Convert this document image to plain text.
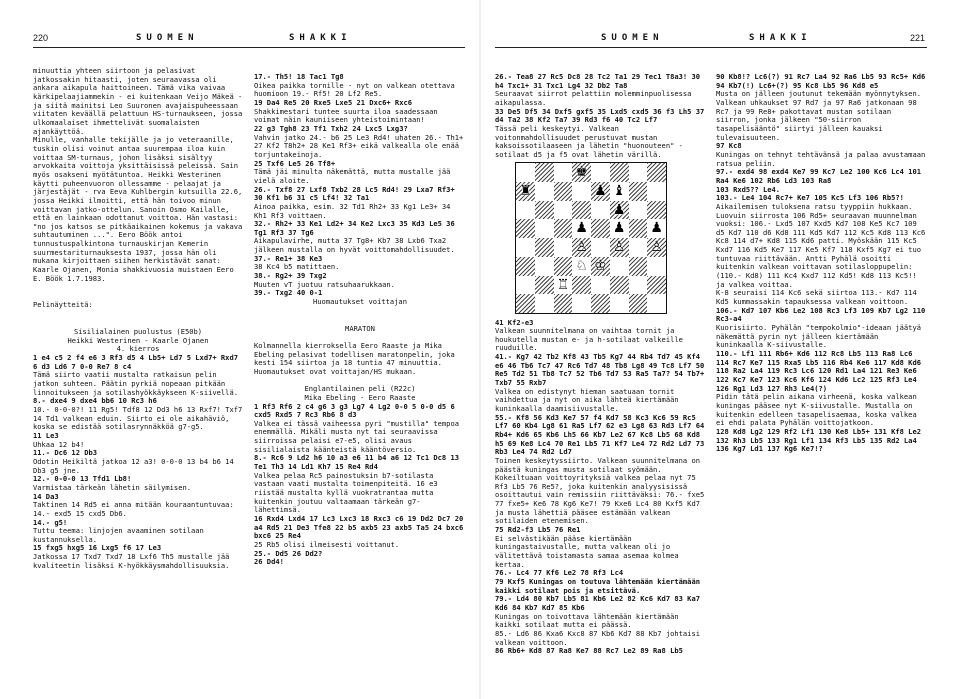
220	SUOMEN	SHAKKI

minuuttia yhteen siirtoon ja pelasivat jatkossakin hitaasti, joten seuraavassa oli ankara aikapula haittoineen. Tämä vika vaivaa kärkipelaajiammekin - ei kuitenkaan Veijo Mäkeä - ja siitä mainitsi Leo Suuronen avajaispuheessaan viitaten keväällä pelattuun HS-turnaukseen, jossa ulkomaalaiset ihmettelivät suomalaisten ajankäyttöä.

Minulle, vanhalle tekijälle ja jo veteraanille, tuskin olisi voinut antaa suurempaa iloa kuin voittaa SM-turnaus, johon lisäksi sisältyy arvokkaita voittoja yksittäisissä peleissä. Sain myös osakseni myötätuntoa. Heikki Westerinen käytti puheenvuoron ollessamme - pelaajat ja järjestäjät - rva Eeva Kuhlbergin kutsuilla 22.6, jossa Heikki ilmoitti, että hän toivoo minun voittavan jatko-ottelun. Sanoin Osmo Kailalle, että en lainkaan odottanut voittoa. Hän vastasi: "no jos katsos se pitkäaikainen kokemus ja vakava suhtautuminen ...". Eero Böök antoi tunnustuspalkintona turnauskirjan Kemerin suurmestariturnauksesta 1937, jossa hän oli mukana kirjoittaen siihen herkistävät sanat: Kaarle Ojanen, Monia shakkivuosia muistaen Eero E. Böök 1.7.1983.

Pelinäytteitä:

Sisilialainen puolustus (E50b)

Heikki Westerinen - Kaarle Ojanen

4. kierros

1 e4 c5 2 f4 e6 3 Rf3 d5 4 Lb5+ Ld7 5 Lxd7+ Rxd7 6 d3 Ld6 7 0-0 Re7 8 c4

Tämä siirto vaatii mustalta ratkaisun pelin jatkon suhteen. Päätin pyrkiä nopeaan pitkään linnoitukseen ja sotilashyökkäykseen K-siivellä.

8.- dxe4 9 dxe4 bb6 10 Rc3 h6

10.- 0-0-0?! 11 Rg5! Tdf8 12 Dd3 h6 13 Rxf7! Txf7 14 Td1 valkean eduin. Siirto ei ole aikahäviö, koska se edistää sotilasrynnäkköä g7-g5.

11 Le3

Uhkaa 12 b4!

11.- Dc6 12 Db3

Odotin Heikiltä jatkoa 12 a3! 0-0-0 13 b4 b6 14 Db3 g5 jne.

12.- 0-0-0 13 Tfd1 Lb8!

Varmistaa tärkeän lähetin säilymisen.

14 Da3

Taktinen 14 Rd5 ei anna mitään kouraantuntuvaa: 14.- exd5 15 cxd5 Db6.

14.- g5!

Tuttu teema: linjojen avaaminen sotilaan kustannuksella.

15 fxg5 hxg5 16 Lxg5 f6 17 Le3

Jatkossa 17 Txd7 Txd7 18 Lxf6 Th5 mustalle jää kvaliteetin lisäksi K-hyökkäysmahdollisuuksia.

17.- Th5! 18 Tac1 Tg8

Oikea paikka tornille - nyt on valkean otettava huomioon 19.- Rf5! 20 Lf2 Re5.

19 Da4 Re5 20 Rxe5 Lxe5 21 Dxc6+ Rxc6

Shakkimestari tuntee suurta iloa saadessaan voimat näin kauniiseen yhteistoimintaan!

22 g3 Tgh8 23 Tf1 Txh2 24 Lxc5 Lxg3?

Vahvin jatko 24.- b6 25 Le3 Rd4! uhaten 26.- Th1+ 27 Kf2 T8h2+ 28 Ke1 Rf3+ eikä valkealla ole enää torjuntakeinoja.

25 Txf6 Le5 26 Tf8+

Tämä jäi minulta näkemättä, mutta mustalle jää vielä aloite.

26.- Txf8 27 Lxf8 Txb2 28 Lc5 Rd4! 29 Lxa7 Rf3+ 30 Kf1 b6 31 c5 Lf4! 32 Ta1

Ainoa paikka, esim. 32 Td1 Rh2+ 33 Kg1 Le3+ 34 Kh1 Rf3 voittaen.

32.- Rh2+ 33 Ke1 Ld2+ 34 Ke2 Lxc3 35 Kd3 Le5 36 Tg1 Rf3 37 Tg6

Aikapulavirhe, mutta 37 Tg8+ Kb7 38 Lxb6 Txa2 jälkeen mustalla on hyvät voittomahdollisuudet.

37.- Re1+ 38 Ke3

38 Kc4 b5 matittaen.

38.- Rg2+ 39 Txg2

Muuten vT juotuu ratsuhaarukkaan.

39.- Txg2 40 0-1

Huomautukset voittajan

MARATON

Kolmannella kierroksella Eero Raaste ja Mika Ebeling pelasivat todellisen maratonpelin, joka kesti 154 siirtoa ja 18 tuntia 47 minuuttia. Huomautukset ovat voittajan/HS mukaan.

Englantilainen peli (R22c)

Mika Ebeling - Eero Raaste

1 Rf3 Rf6 2 c4 g6 3 g3 Lg7 4 Lg2 0-0 5 0-0 d5 6 cxd5 Rxd5 7 Rc3 Rb6 8 d3

Valkea ei tässä vaiheessa pyri "mustilla" tempoa enemmällä. Mikäli musta nyt tai seuraavissa siirroissa pelaisi e7-e5, olisi avaus sisilialaista käänteistä kääntöversio.

8.- Rc6 9 Ld2 h6 10 a3 e6 11 b4 a6 12 Tc1 Dc8 13 Te1 Th3 14 Ld1 Kh7 15 Re4 Rd4

Valkea pelaa Rc5 painostuksin b7-sotilasta vastaan vaati mustalta toimenpiteitä. 16 e3 riistää mustalta kyllä vuokratrantaa mutta kuitenkin joutuu valtaamaan tärkeän g7-lähettimsä.

16 Rxd4 Lxd4 17 Lc3 Lxc3 18 Rxc3 c6 19 Dd2 Dc7 20 a4 Rd5 21 De3 Tfe8 22 b5 axb5 23 axb5 Ta5 24 bxc6 bxc6 25 Re4

25 Rb5 olisi ilmeisesti voittanut.

25.- Dd5 26 Dd2?

26 Dd4!

SUOMEN	SHAKKI	221

26.- Tea8 27 Rc5 Dc8 28 Tc2 Ta1 29 Tec1 T8a3! 30 h4 Txc1+ 31 Txc1 Lg4 32 Db2 Ta8

Seuraavat siirrot pelattiin molemminpuolisessa aikapulassa.

33 De5 Df5 34 Dxf5 gxf5 35 Lxd5 cxd5 36 f3 Lh5 37 d4 Ta2 38 Kf2 Ta7 39 Rd3 f6 40 Tc2 Lf7

Tässä peli keskeytyi. Valkean voitonmahdollisuudet perustuvat mustan kaksoissotilaaseen ja lähetin "huonouteen" - sotilaat d5 ja f5 ovat lähetin värillä.

♚
♟
♝
♖
♘ ♔
♟ ♟
♙ ♙
♟
♟
♜
♙
41 Kf2-e3

Valkean suunnitelmana on vaihtaa tornit ja houkutella mustan e- ja h-sotilaat valkeille ruuduille.

41.- Kg7 42 Tb2 Kf8 43 Tb5 Kg7 44 Rb4 Td7 45 Kf4 e6 46 Tb6 Tc7 47 Rc6 Td7 48 Tb8 Lg8 49 Tc8 Lf7 50 Re5 Td2 51 Tb8 Tc7 52 Tb6 Td7 53 Ra5 Ta7? 54 Tb7+ Txb7 55 Rxb7

Valkea on edistynyt hieman saatuaan tornit vaihdettua ja nyt on aika lähteä kiertämään kuninkaalla daamisiivustalle.

55.- Kf8 56 Kd3 Ke7 57 f4 Kd7 58 Kc3 Kc6 59 Rc5 Lf7 60 Kb4 Lg8 61 Ra5 Lf7 62 e3 Lg8 63 Rd3 Lf7 64 Rb4+ Kd6 65 Kb6 Lh5 66 Kb7 Le2 67 Kc8 Lb5 68 Kd8 h5 69 Ke8 Lc4 70 Re1 Lb5 71 Kf7 Le4 72 Rd2 Ld7 73 Rb3 Le4 74 Rd2 Ld7

Toinen keskeytyssiirto. Valkean suunnitelmana on päästä kuningas musta sotilaat syömään. Kokeiltuaan voittoyrityksiä valkea pelaa nyt 75 Rf3 Lb5 76 Re5?, joka kuitenkin analyysisissä osoittautui vain remissiin riittäväksi: 76.- fxe5 77 fxe5+ Ke6 78 Kg6 Ke7! 79 Kxe6 Lc4 80 Kxf5 Kd7 ja musta lähettiä pääsee estämään valkean sotilaiden etenemisen.

75 Rd2-f3 Lb5 76 Re1

Ei selvästikään pääse kiertämään kuningastaivustalle, mutta valkean oli jo välitettävä toistamasta samaa asemaa kolmea kertaa.

76.- Lc4 77 Kf6 Le2 78 Rf3 Lc4

79 Kxf5 Kuningas on toutuva lähtemään kiertämään kaikki sotilaat pois ja etsittävä.

79.- Ld4 80 Kb7 Lb5 81 Kb6 Le2 82 Kc6 Kd7 83 Ka7 Kd6 84 Kb7 Kd7 85 Kb6

Kuningas on toivottava lähtemään kiertämään kaikki sotilaat mutta ei päässä.

85.- Ld6 86 Kxa6 Kxc8 87 Kb6 Kd7 88 Kb7 johtaisi valkean voittoon.

86 Rb6+ Kd8 87 Ra8 Ke7 88 Rc7 Le2 89 Ra8 Lb5

90 Kb8!? Lc6(?) 91 Rc7 La4 92 Ra6 Lb5 93 Rc5+ Kd6 94 Kb7(!) Lc6+(?) 95 Kc8 Lb5 96 Kd8 e5

Musta on jälleen joutunut tekemään myönnytyksen. Valkean uhkaukset 97 Rd7 ja 97 Ra6 jatkonaan 98 Rc7 ja 99 Re8+ pakottavat mustan sotilaan siirron, jonka jälkeen "50-siirron tasapelisääntö" siirtyi jälleen kauaksi tulevaisuuteen.

97 Kc8

Kuningas on tehnyt tehtävänsä ja palaa avustamaan ratsua peliin.

97.- exd4 98 exd4 Ke7 99 Kc7 Le2 100 Kc6 Lc4 101 Ra4 Ke6 102 Rb6 Ld3 103 Ra8

103 Rxd5?? Le4.

103.- Le4 104 Rc7+ Ke7 105 Kc5 Lf3 106 Rb5?!

Aikailemisen tuloksena ratsu tyyppiin hukkaan. Luovuin siirrosta 106 Rd5+ seuraavan muunnelman vuoksi: 106.- Lxd5 107 Kxd5 Kd7 108 Ke5 Kc7 109 d5 Kd7 110 d6 Kd8 111 Kd5 Kd7 112 Kc5 Kd8 113 Kc6 Kc8 114 d7+ Kd8 115 Kd6 patti. Myöskään 115 Kc5 Kxd7 116 Kd5 Ke7 117 Ke5 Kf7 118 Kxf5 Kg7 ei tuo tuntuvaa riittävään. Antti Pyhälä osoitti kuitenkin valkean voittavan sotilasloppupelin: (110.- Kd8) 111 Kc4 Kxd7 112 Kd5! Kd8 113 Kc5!! ja valkea voittaa.

K-8 seuraisi 114 Kc6 sekä siirtoa 113.- Kd7 114 Kd5 kummassakin tapauksessa valkean voittoon.

106.- Kd7 107 Kb6 Le2 108 Rc3 Lf3 109 Kb7 Lg2 110 Rc3-a4

Kuorisiirto. Pyhälän "tempokolmio"-ideaan jäätyä näkemättä pyrin nyt jälleen kiertämään kuninkaalla K-siivustalle.

110.- Lf1 111 Rb6+ Kd6 112 Rc8 Lb5 113 Ra8 Lc6 114 Rc7 Ke7 115 Rxa5 Lb5 116 Rb4 Ke6 117 Kd8 Kd6 118 Ra2 La4 119 Rc3 Lc6 120 Rd1 La4 121 Re3 Ke6 122 Kc7 Ke7 123 Kc6 Kf6 124 Kd6 Lc2 125 Rf3 Le4 126 Rg1 Ld3 127 Rh3 Le4(?)

Pidin tätä pelin aikana virheenä, koska valkean kuningas pääsee nyt K-siivustalle. Mustalla on kuitenkin edelleen tasapelisaemaa, koska valkea ei ehdi palata Pyhälän voittojatkoon.

128 Kd8 Lg2 129 Rf2 Lf1 130 Ke8 Lb5+ 131 Kf8 Le2 132 Rh3 Lb5 133 Rg1 Lf1 134 Rf3 Lb5 135 Rd2 La4 136 Kg7 Ld1 137 Kg6 Ke7!?
